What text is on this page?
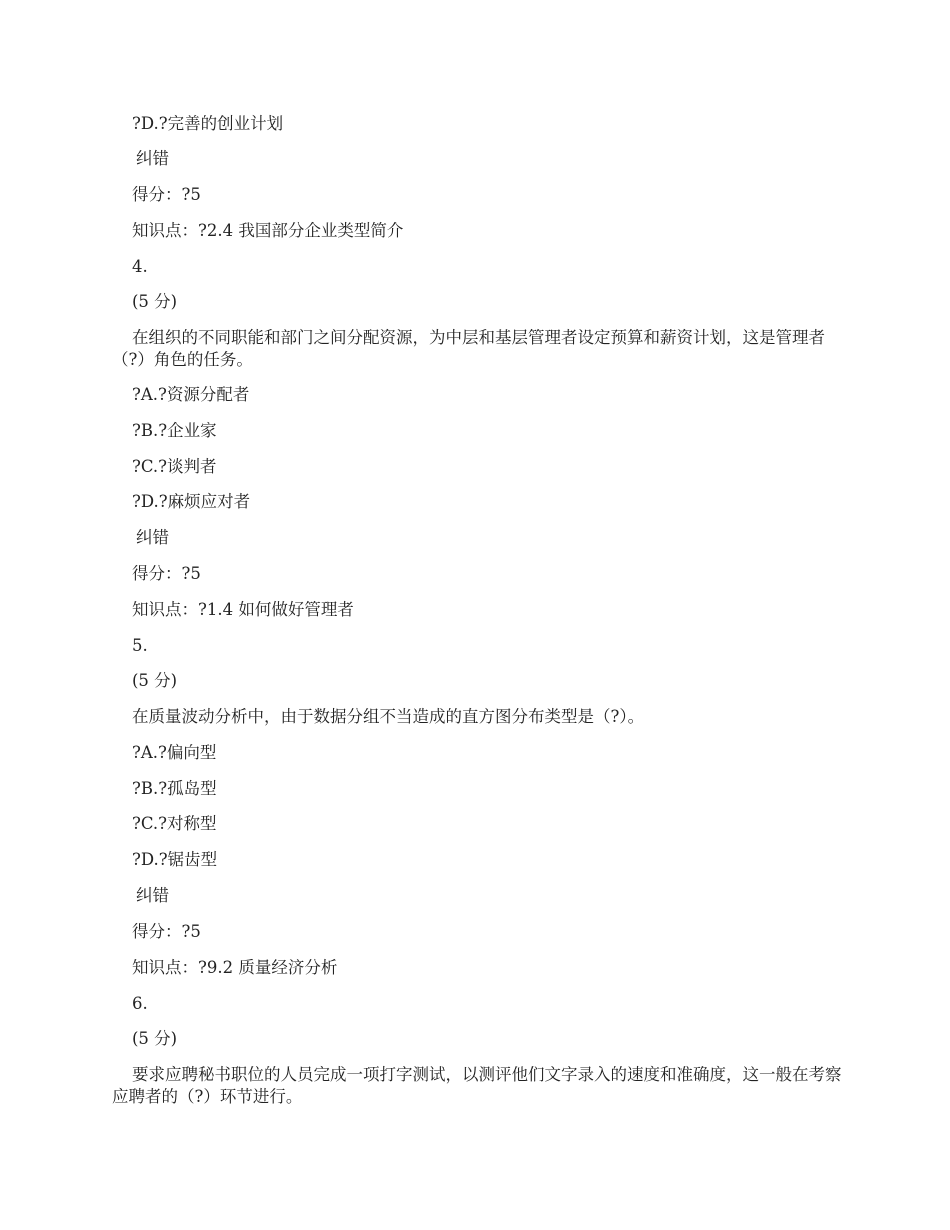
?D.?完善的创业计划
纠错
得分：?5
知识点：?2.4 我国部分企业类型简介
4.
(5 分)
在组织的不同职能和部门之间分配资源，为中层和基层管理者设定预算和薪资计划，这是管理者（?）角色的任务。
?A.?资源分配者
?B.?企业家
?C.?谈判者
?D.?麻烦应对者
纠错
得分：?5
知识点：?1.4 如何做好管理者
5.
(5 分)
在质量波动分析中，由于数据分组不当造成的直方图分布类型是（?）。
?A.?偏向型
?B.?孤岛型
?C.?对称型
?D.?锯齿型
纠错
得分：?5
知识点：?9.2 质量经济分析
6.
(5 分)
要求应聘秘书职位的人员完成一项打字测试，以测评他们文字录入的速度和准确度，这一般在考察应聘者的（?）环节进行。
